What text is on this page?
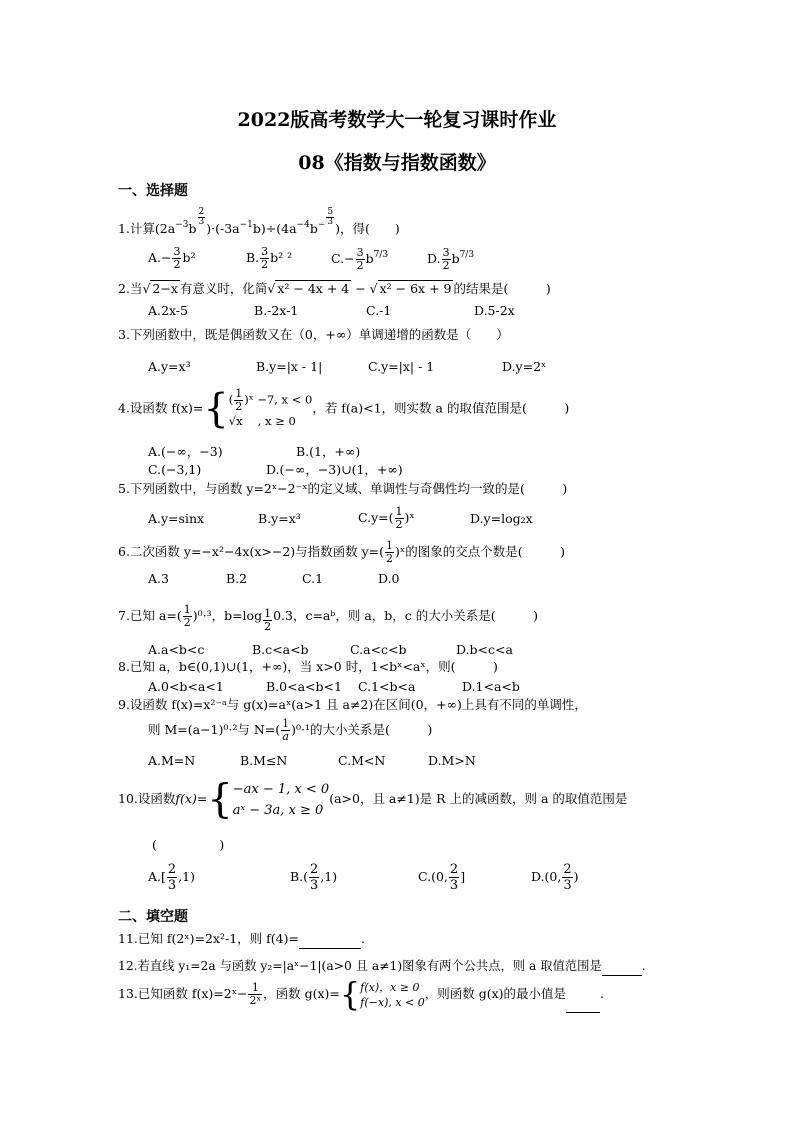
2022版高考数学大一轮复习课时作业
08《指数与指数函数》
一、选择题
1.计算($2a^{-3}b$
$\frac{2}{3}$
)$\cdot(-3a^{-1}b)\div(4a^{-4}b^- \frac{5}{3}$
)，得(　　)
$A.- \frac{3}{2} b^2$	B. $\frac{3}{2} b^2$ ²	$C.- \frac{3}{2} b^{7/3}$	D. $\frac{3}{2} b^{7/3}$
2.当√ 2−x 有意义时，化简√ x² − 4x + 4 − √ x² − 6x + 9 的结果是(　　　)
A.2x-5	B.-2x-1	C.-1	D.5-2x
3.下列函数中，既是偶函数又在（0，+∞）单调递增的函数是（　　）
A.y=x³	B.y=|x - 1|	C.y=|x| - 1	D.y=2ˣ
4.设函数 f(x)={ ( $\frac{1}{2}$ )ˣ −7, x < 0
√x 　, x ≥ 0
，若 f(a)<1，则实数 a 的取值范围是(　　　)
A.(−∞，−3)	B.(1，+∞)
C.(−3,1)	D.(−∞，−3)∪(1，+∞)
5.下列函数中，与函数 y=2ˣ−2⁻ˣ的定义域、单调性与奇偶性均一致的是(　　　)
A.y=sinx	B.y=x³	$C.y=( \frac{1}{2}$ )ˣ	D.y=log₂x
6.二次函数 y=−x²−4x(x>−2)与指数函数 $y=( \frac{1}{2}$ )ˣ的图象的交点个数是(　　　)
A.3	B.2	C.1	D.0
7.已知 $a=( \frac{1}{2} )^0\cdot^3$，$b=\log \frac{1}{2} 0.3$，c=aᵇ，则 a，b，c 的大小关系是(　　　)
A.a<b<c	B.c<a<b	C.a<c<b	D.b<c<a
8.已知 a，b∈(0,1)∪(1，+∞)，当 x>0 时，1<bˣ<aˣ，则(　　　)
A.0<b<a<1	B.0<a<b<1 C.1<b<a	D.1<a<b
9.设函数 f(x)=x²⁻ᵃ与 g(x)=aˣ(a>1 且 a≠2)在区间(0，+∞)上具有不同的单调性，
则 M=(a−1)⁰·²与 $N=( \frac{1}{a} )^0\cdot^1$的大小关系是(　　　)
A.M=N	B.M≤N	C.M<N	D.M>N
10.设函数f(x)={ −ax − 1, x < 0
aˣ − 3a, x ≥ 0
(a>0，且 a≠1)是 R 上的减函数，则 a 的取值范围是
(　　　　　)
$A.[ \frac{2}{3} ,1)$	$B.( \frac{2}{3} ,1)$	C.(0, $\frac{2}{3}$ ]	D.(0, $\frac{2}{3}$ )
二、填空题
11.已知 f(2ˣ)=2x²-1，则 f(4)=	.
12.若直线 y₁=2a 与函数 y₂=|aˣ−1|(a>0 且 a≠1)图象有两个公共点，则 a 取值范围是	.
13.已知函数 f(x)=2ˣ− $\frac{1}{\text{2ˣ}}$ ，函数 g(x)={ f(x)，x ≥ 0
f(−x), x < 0
，则函数 g(x)的最小值是	.
